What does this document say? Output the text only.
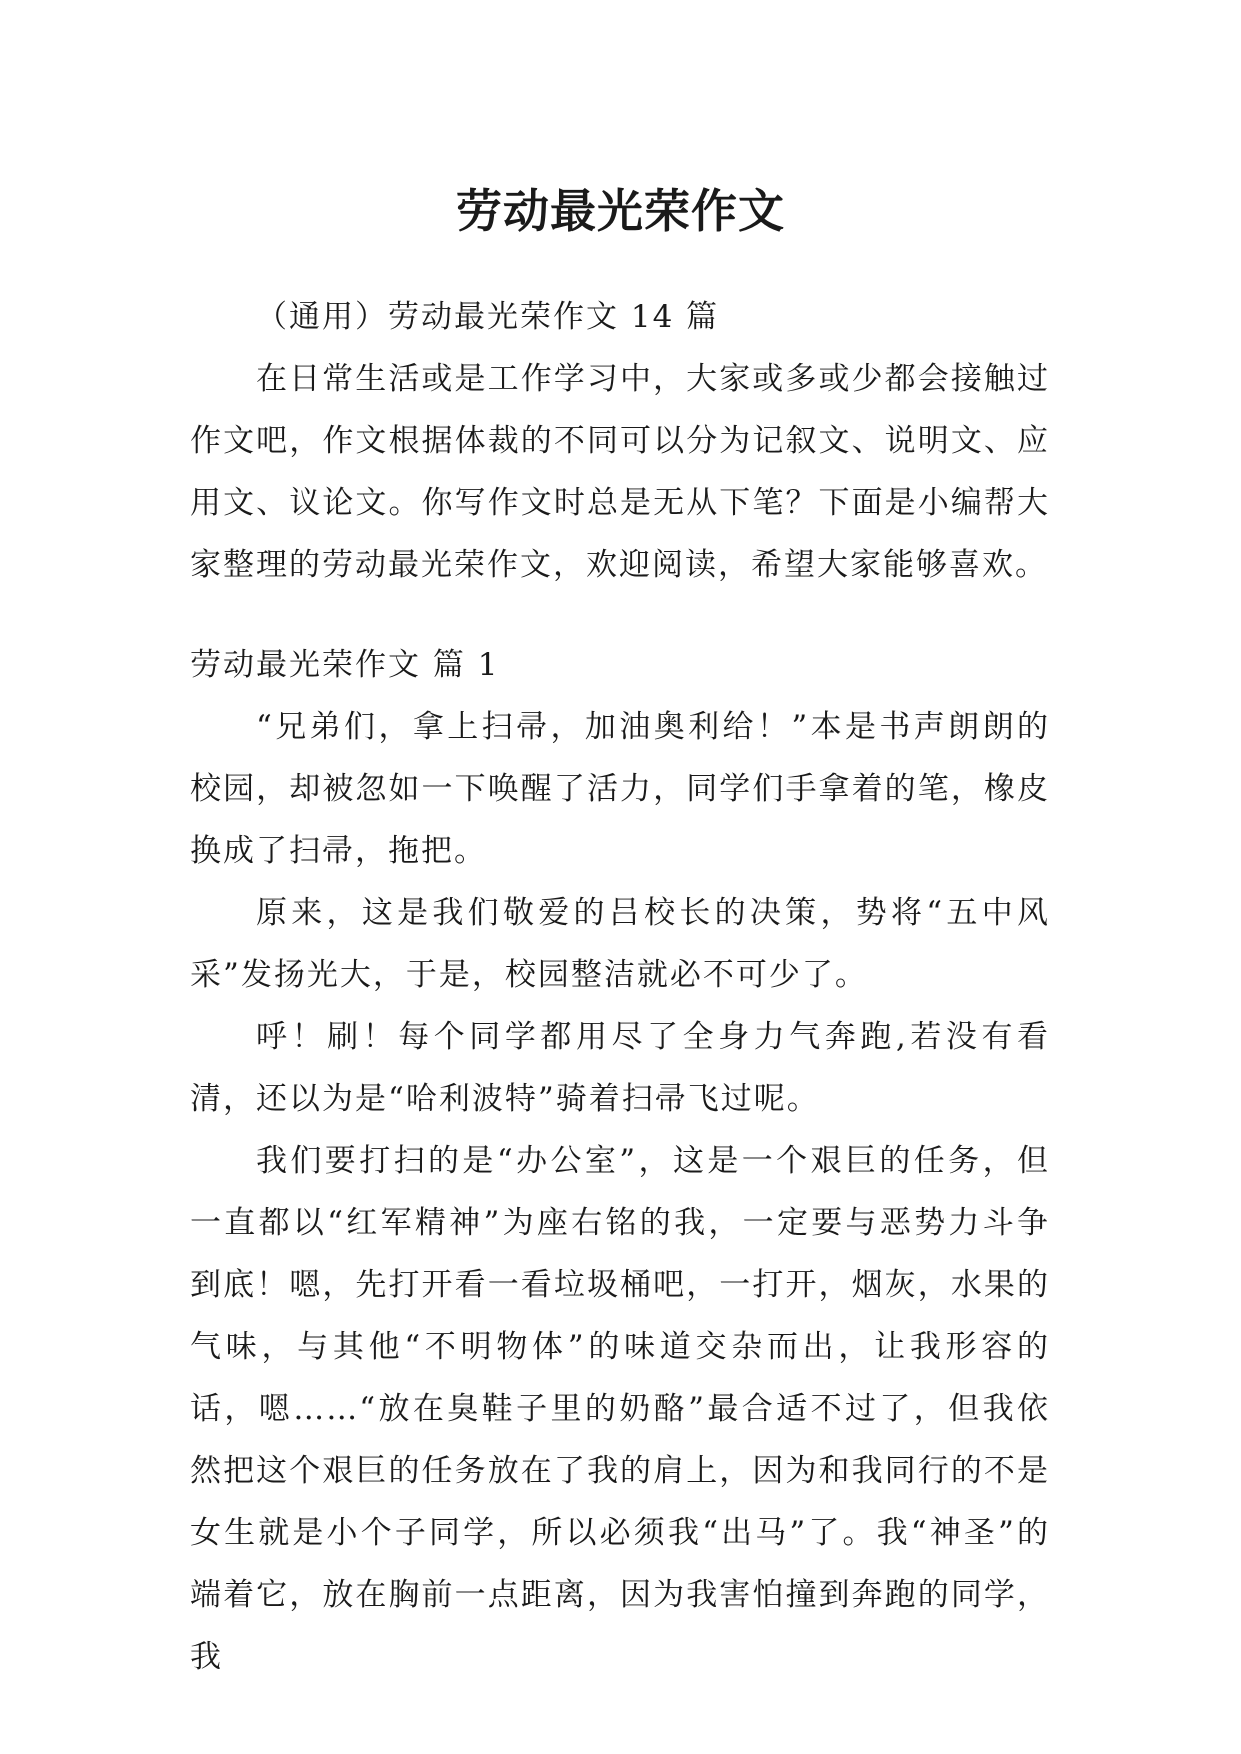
劳动最光荣作文

（通用）劳动最光荣作文 14 篇

在日常生活或是工作学习中，大家或多或少都会接触过作文吧，作文根据体裁的不同可以分为记叙文、说明文、应用文、议论文。你写作文时总是无从下笔？下面是小编帮大家整理的劳动最光荣作文，欢迎阅读，希望大家能够喜欢。

劳动最光荣作文 篇 1

“兄弟们，拿上扫帚，加油奥利给！”本是书声朗朗的校园，却被忽如一下唤醒了活力，同学们手拿着的笔，橡皮换成了扫帚，拖把。

原来，这是我们敬爱的吕校长的决策，势将“五中风采”发扬光大，于是，校园整洁就必不可少了。

呼！刷！每个同学都用尽了全身力气奔跑,若没有看清，还以为是“哈利波特”骑着扫帚飞过呢。

我们要打扫的是“办公室”，这是一个艰巨的任务，但一直都以“红军精神”为座右铭的我，一定要与恶势力斗争到底！嗯，先打开看一看垃圾桶吧，一打开，烟灰，水果的气味，与其他“不明物体”的味道交杂而出，让我形容的话，嗯……“放在臭鞋子里的奶酪”最合适不过了，但我依然把这个艰巨的任务放在了我的肩上，因为和我同行的不是女生就是小个子同学，所以必须我“出马”了。我“神圣”的端着它，放在胸前一点距离，因为我害怕撞到奔跑的同学，我
